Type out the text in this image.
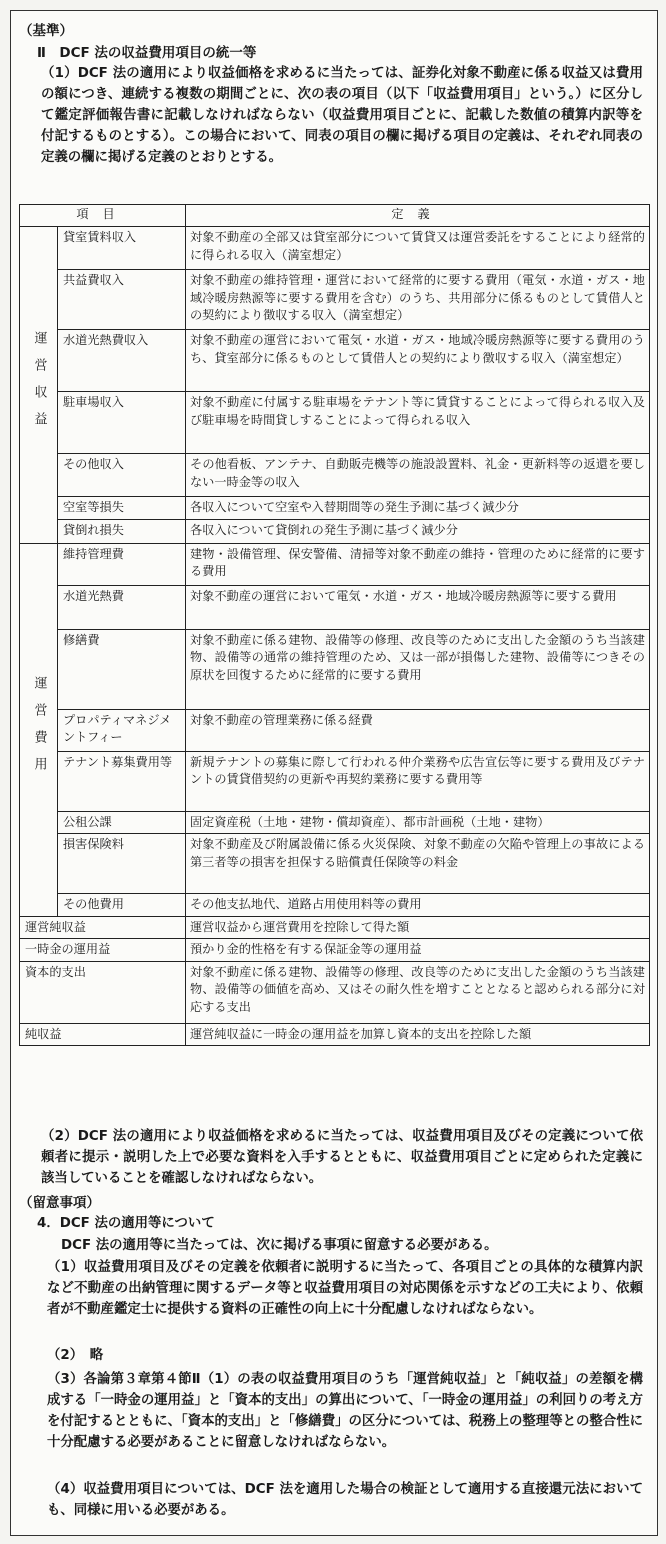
（基準）
Ⅱ　DCF 法の収益費用項目の統一等
（1）DCF 法の適用により収益価格を求めるに当たっては、証券化対象不動産に係る収益又は費用の額につき、連続する複数の期間ごとに、次の表の項目（以下「収益費用項目」という。）に区分して鑑定評価報告書に記載しなければならない（収益費用項目ごとに、記載した数値の積算内訳等を付記するものとする）。この場合において、同表の項目の欄に掲げる項目の定義は、それぞれ同表の定義の欄に掲げる定義のとおりとする。
項目		定義
運営収益	貸室賃料収入	対象不動産の全部又は貸室部分について賃貸又は運営委託をすることにより経常的に得られる収入（満室想定）
	共益費収入	対象不動産の維持管理・運営において経常的に要する費用（電気・水道・ガス・地域冷暖房熱源等に要する費用を含む）のうち、共用部分に係るものとして賃借人との契約により徴収する収入（満室想定）
	水道光熱費収入	対象不動産の運営において電気・水道・ガス・地域冷暖房熱源等に要する費用のうち、貸室部分に係るものとして賃借人との契約により徴収する収入（満室想定）
	駐車場収入	対象不動産に付属する駐車場をテナント等に賃貸することによって得られる収入及び駐車場を時間貸しすることによって得られる収入
	その他収入	その他看板、アンテナ、自動販売機等の施設設置料、礼金・更新料等の返還を要しない一時金等の収入
	空室等損失	各収入について空室や入替期間等の発生予測に基づく減少分
	貸倒れ損失	各収入について貸倒れの発生予測に基づく減少分
運営費用	維持管理費	建物・設備管理、保安警備、清掃等対象不動産の維持・管理のために経常的に要する費用
	水道光熱費	対象不動産の運営において電気・水道・ガス・地域冷暖房熱源等に要する費用
	修繕費	対象不動産に係る建物、設備等の修理、改良等のために支出した金額のうち当該建物、設備等の通常の維持管理のため、又は一部が損傷した建物、設備等につきその原状を回復するために経常的に要する費用
	プロパティマネジメントフィー	対象不動産の管理業務に係る経費
	テナント募集費用等	新規テナントの募集に際して行われる仲介業務や広告宣伝等に要する費用及びテナントの賃貸借契約の更新や再契約業務に要する費用等
	公租公課	固定資産税（土地・建物・償却資産）、都市計画税（土地・建物）
	損害保険料	対象不動産及び附属設備に係る火災保険、対象不動産の欠陥や管理上の事故による第三者等の損害を担保する賠償責任保険等の料金
	その他費用	その他支払地代、道路占用使用料等の費用
運営純収益		運営収益から運営費用を控除して得た額
一時金の運用益		預かり金的性格を有する保証金等の運用益
資本的支出		対象不動産に係る建物、設備等の修理、改良等のために支出した金額のうち当該建物、設備等の価値を高め、又はその耐久性を増すこととなると認められる部分に対応する支出
純収益		運営純収益に一時金の運用益を加算し資本的支出を控除した額
（2）DCF 法の適用により収益価格を求めるに当たっては、収益費用項目及びその定義について依頼者に提示・説明した上で必要な資料を入手するとともに、収益費用項目ごとに定められた定義に該当していることを確認しなければならない。
（留意事項）
4．DCF 法の適用等について
DCF 法の適用等に当たっては、次に掲げる事項に留意する必要がある。
（1）収益費用項目及びその定義を依頼者に説明するに当たって、各項目ごとの具体的な積算内訳など不動産の出納管理に関するデータ等と収益費用項目の対応関係を示すなどの工夫により、依頼者が不動産鑑定士に提供する資料の正確性の向上に十分配慮しなければならない。
（2）　略
（3）各論第３章第４節Ⅱ（1）の表の収益費用項目のうち「運営純収益」と「純収益」の差額を構成する「一時金の運用益」と「資本的支出」の算出について、「一時金の運用益」の利回りの考え方を付記するとともに、「資本的支出」と「修繕費」の区分については、税務上の整理等との整合性に十分配慮する必要があることに留意しなければならない。
（4）収益費用項目については、DCF 法を適用した場合の検証として適用する直接還元法においても、同様に用いる必要がある。
